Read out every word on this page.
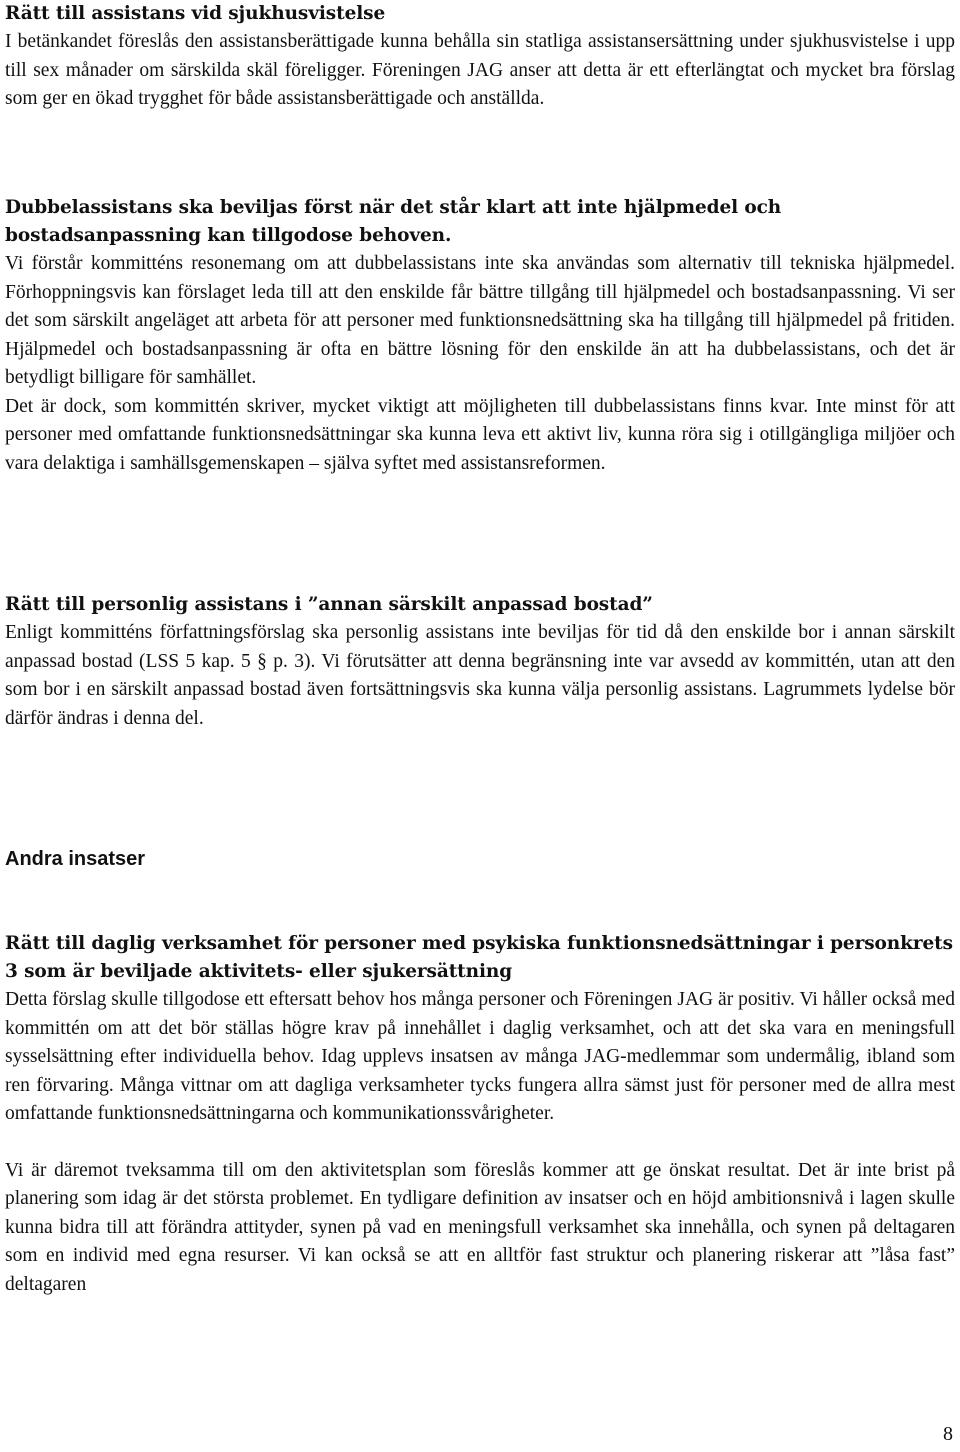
Rätt till assistans vid sjukhusvistelse

I betänkandet föreslås den assistansberättigade kunna behålla sin statliga assistansersättning under sjukhusvistelse i upp till sex månader om särskilda skäl föreligger. Föreningen JAG anser att detta är ett efterlängtat och mycket bra förslag som ger en ökad trygghet för både assistansberättigade och anställda.

Dubbelassistans ska beviljas först när det står klart att inte hjälpmedel och bostadsanpassning kan tillgodose behoven.

Vi förstår kommitténs resonemang om att dubbelassistans inte ska användas som alternativ till tekniska hjälpmedel. Förhoppningsvis kan förslaget leda till att den enskilde får bättre tillgång till hjälpmedel och bostadsanpassning. Vi ser det som särskilt angeläget att arbeta för att personer med funktionsnedsättning ska ha tillgång till hjälpmedel på fritiden. Hjälpmedel och bostadsanpassning är ofta en bättre lösning för den enskilde än att ha dubbelassistans, och det är betydligt billigare för samhället.

Det är dock, som kommittén skriver, mycket viktigt att möjligheten till dubbelassistans finns kvar. Inte minst för att personer med omfattande funktionsnedsättningar ska kunna leva ett aktivt liv, kunna röra sig i otillgängliga miljöer och vara delaktiga i samhällsgemenskapen – själva syftet med assistansreformen.

Rätt till personlig assistans i ”annan särskilt anpassad bostad”

Enligt kommitténs författningsförslag ska personlig assistans inte beviljas för tid då den enskilde bor i annan särskilt anpassad bostad (LSS 5 kap. 5 § p. 3). Vi förutsätter att denna begränsning inte var avsedd av kommittén, utan att den som bor i en särskilt anpassad bostad även fortsättningsvis ska kunna välja personlig assistans. Lagrummets lydelse bör därför ändras i denna del.

Andra insatser
Rätt till daglig verksamhet för personer med psykiska funktionsnedsättningar i personkrets 3 som är beviljade aktivitets- eller sjukersättning

Detta förslag skulle tillgodose ett eftersatt behov hos många personer och Föreningen JAG är positiv. Vi håller också med kommittén om att det bör ställas högre krav på innehållet i daglig verksamhet, och att det ska vara en meningsfull sysselsättning efter individuella behov. Idag upplevs insatsen av många JAG-medlemmar som undermålig, ibland som ren förvaring. Många vittnar om att dagliga verksamheter tycks fungera allra sämst just för personer med de allra mest omfattande funktionsnedsättningarna och kommunikationssvårigheter.

Vi är däremot tveksamma till om den aktivitetsplan som föreslås kommer att ge önskat resultat. Det är inte brist på planering som idag är det största problemet. En tydligare definition av insatser och en höjd ambitionsnivå i lagen skulle kunna bidra till att förändra attityder, synen på vad en meningsfull verksamhet ska innehålla, och synen på deltagaren som en individ med egna resurser. Vi kan också se att en alltför fast struktur och planering riskerar att ”låsa fast” deltagaren

8
